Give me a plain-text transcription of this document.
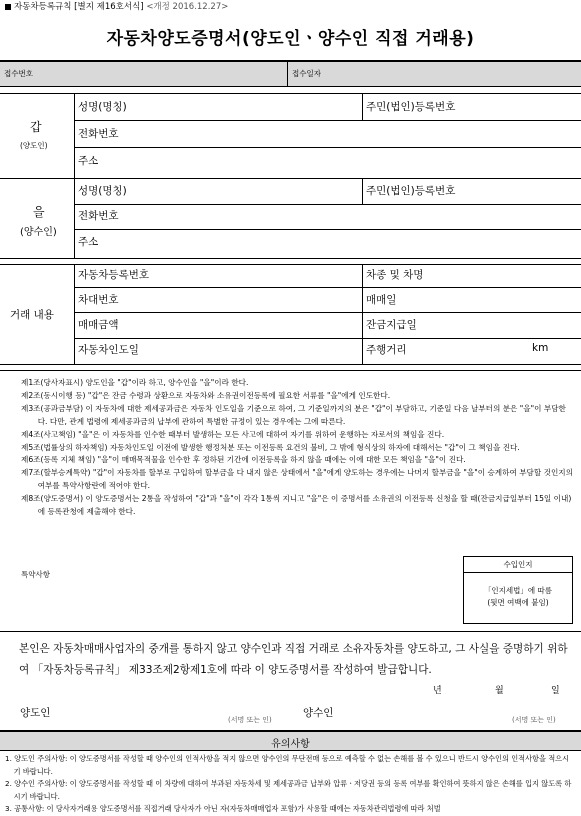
자동차등록규칙 [별지 제16호서식] <개정 2016.12.27>
자동차양도증명서(양도인ㆍ양수인 직접 거래용)
접수번호	접수일자
갑
(양도인)
성명(명칭)	주민(법인)등록번호
전화번호
주소
을
(양수인)
성명(명칭)	주민(법인)등록번호
전화번호
주소
거래 내용
자동차등록번호	차종 및 차명
차대번호	매매일
매매금액	잔금지급일
자동차인도일	주행거리	km
제1조(당사자표시) 양도인을 "갑"이라 하고, 양수인을 "을"이라 한다.
제2조(동시이행 등) "갑"은 잔금 수령과 상환으로 자동차와 소유권이전등록에 필요한 서류를 "을"에게 인도한다.
제3조(공과금부담) 이 자동차에 대한 제세공과금은 자동차 인도일을 기준으로 하여, 그 기준일까지의 분은 "갑"이 부담하고, 기준일 다음 날부터의 분은 "을"이 부담한다. 다만, 관계 법령에 제세공과금의 납부에 관하여 특별한 규정이 있는 경우에는 그에 따른다.
제4조(사고책임) "을"은 이 자동차를 인수한 때부터 발생하는 모든 사고에 대하여 자기를 위하여 운행하는 자로서의 책임을 진다.
제5조(법률상의 하자책임) 자동차인도일 이전에 발생한 행정처분 또는 이전등록 요건의 불비, 그 밖에 형식상의 하자에 대해서는 "갑"이 그 책임을 진다.
제6조(등록 지체 책임) "을"이 매매목적물을 인수한 후 정하된 기간에 이전등록을 하지 않을 때에는 이에 대한 모든 책임을 "을"이 진다.
제7조(할부승계특약) "갑"이 자동차를 할부로 구입하여 할부금을 다 내지 않은 상태에서 "을"에게 양도하는 경우에는 나머지 할부금을 "을"이 승계하여 부담할 것인지의 여부를 특약사항란에 적어야 한다.
제8조(양도증명서) 이 양도증명서는 2통을 작성하여 "갑"과 "을"이 각각 1통씩 지니고 "을"은 이 증명서를 소유권의 이전등록 신청을 할 때(잔금지급일부터 15일 이내)에 등록관청에 제출해야 한다.
특약사항
수입인지
「인지세법」에 따름
(뒷면 여백에 붙임)
본인은 자동차매매사업자의 중개를 통하지 않고 양수인과 직접 거래로 소유자동차를 양도하고, 그 사실을 증명하기 위하여 「자동차등록규칙」 제33조제2항제1호에 따라 이 양도증명서를 작성하여 발급합니다.
년	월	일
양도인
(서명 또는 인)
양수인
(서명 또는 인)
유의사항
1. 양도인 주의사항: 이 양도증명서를 작성할 때 양수인의 인적사항을 적지 않으면 양수인의 무단전매 등으로 예측할 수 없는 손해를 볼 수 있으니 반드시 양수인의 인적사항을 적으시기 바랍니다.
2. 양수인 주의사항: 이 양도증명서를 작성할 때 이 차량에 대하여 부과된 자동차세 및 제세공과금 납부와 압류ㆍ저당권 등의 등록 여부를 확인하여 뜻하지 않은 손해를 입지 않도록 하시기 바랍니다.
3. 공통사항: 이 당사자거래용 양도증명서를 직접거래 당사자가 아닌 자(자동차매매업자 포함)가 사용할 때에는 자동차관리법령에 따라 처벌
